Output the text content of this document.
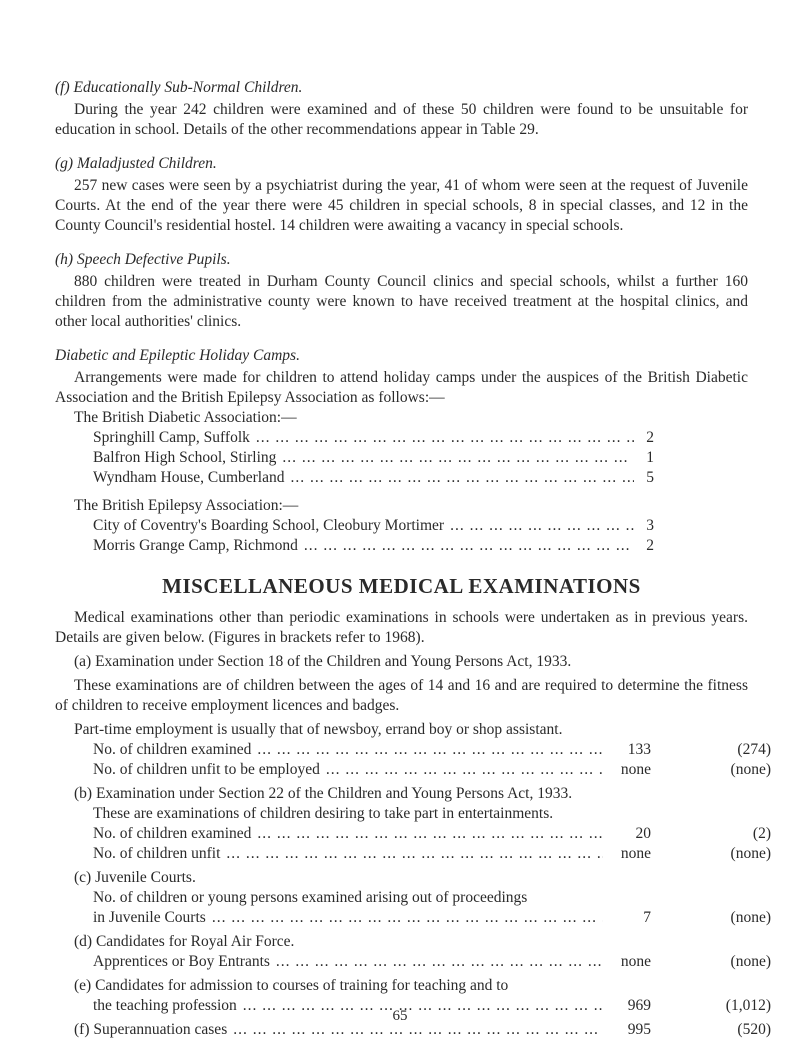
(f) Educationally Sub-Normal Children.

During the year 242 children were examined and of these 50 children were found to be unsuitable for education in school. Details of the other recommendations appear in Table 29.

(g) Maladjusted Children.

257 new cases were seen by a psychiatrist during the year, 41 of whom were seen at the request of Juvenile Courts. At the end of the year there were 45 children in special schools, 8 in special classes, and 12 in the County Council's residential hostel. 14 children were awaiting a vacancy in special schools.

(h) Speech Defective Pupils.

880 children were treated in Durham County Council clinics and special schools, whilst a further 160 children from the administrative county were known to have received treatment at the hospital clinics, and other local authorities' clinics.

Diabetic and Epileptic Holiday Camps.

Arrangements were made for children to attend holiday camps under the auspices of the British Diabetic Association and the British Epilepsy Association as follows:—

The British Diabetic Association:—

Springhill Camp, Suffolk ... .	2
Balfron High School, Stirling ... .	1
Wyndham House, Cumberland ... .	5

The British Epilepsy Association:—

City of Coventry's Boarding School, Cleobury Mortimer ... .	3
Morris Grange Camp, Richmond ... .	2
MISCELLANEOUS MEDICAL EXAMINATIONS

Medical examinations other than periodic examinations in schools were undertaken as in previous years. Details are given below. (Figures in brackets refer to 1968).

(a) Examination under Section 18 of the Children and Young Persons Act, 1933.

These examinations are of children between the ages of 14 and 16 and are required to determine the fitness of children to receive employment licences and badges.

Part-time employment is usually that of newsboy, errand boy or shop assistant.

No. of children examined ... .	133	(274)
No. of children unfit to be employed ... .	none	(none)

(b) Examination under Section 22 of the Children and Young Persons Act, 1933.

These are examinations of children desiring to take part in entertainments.

No. of children examined ... .	20	(2)
No. of children unfit ... .	none	(none)

(c) Juvenile Courts.

No. of children or young persons examined arising out of proceedings

in Juvenile Courts ... .	7	(none)

(d) Candidates for Royal Air Force.

Apprentices or Boy Entrants ... .	none	(none)

(e) Candidates for admission to courses of training for teaching and to

the teaching profession ... .	969	(1,012)
(f) Superannuation cases ... .	995	(520)
65
